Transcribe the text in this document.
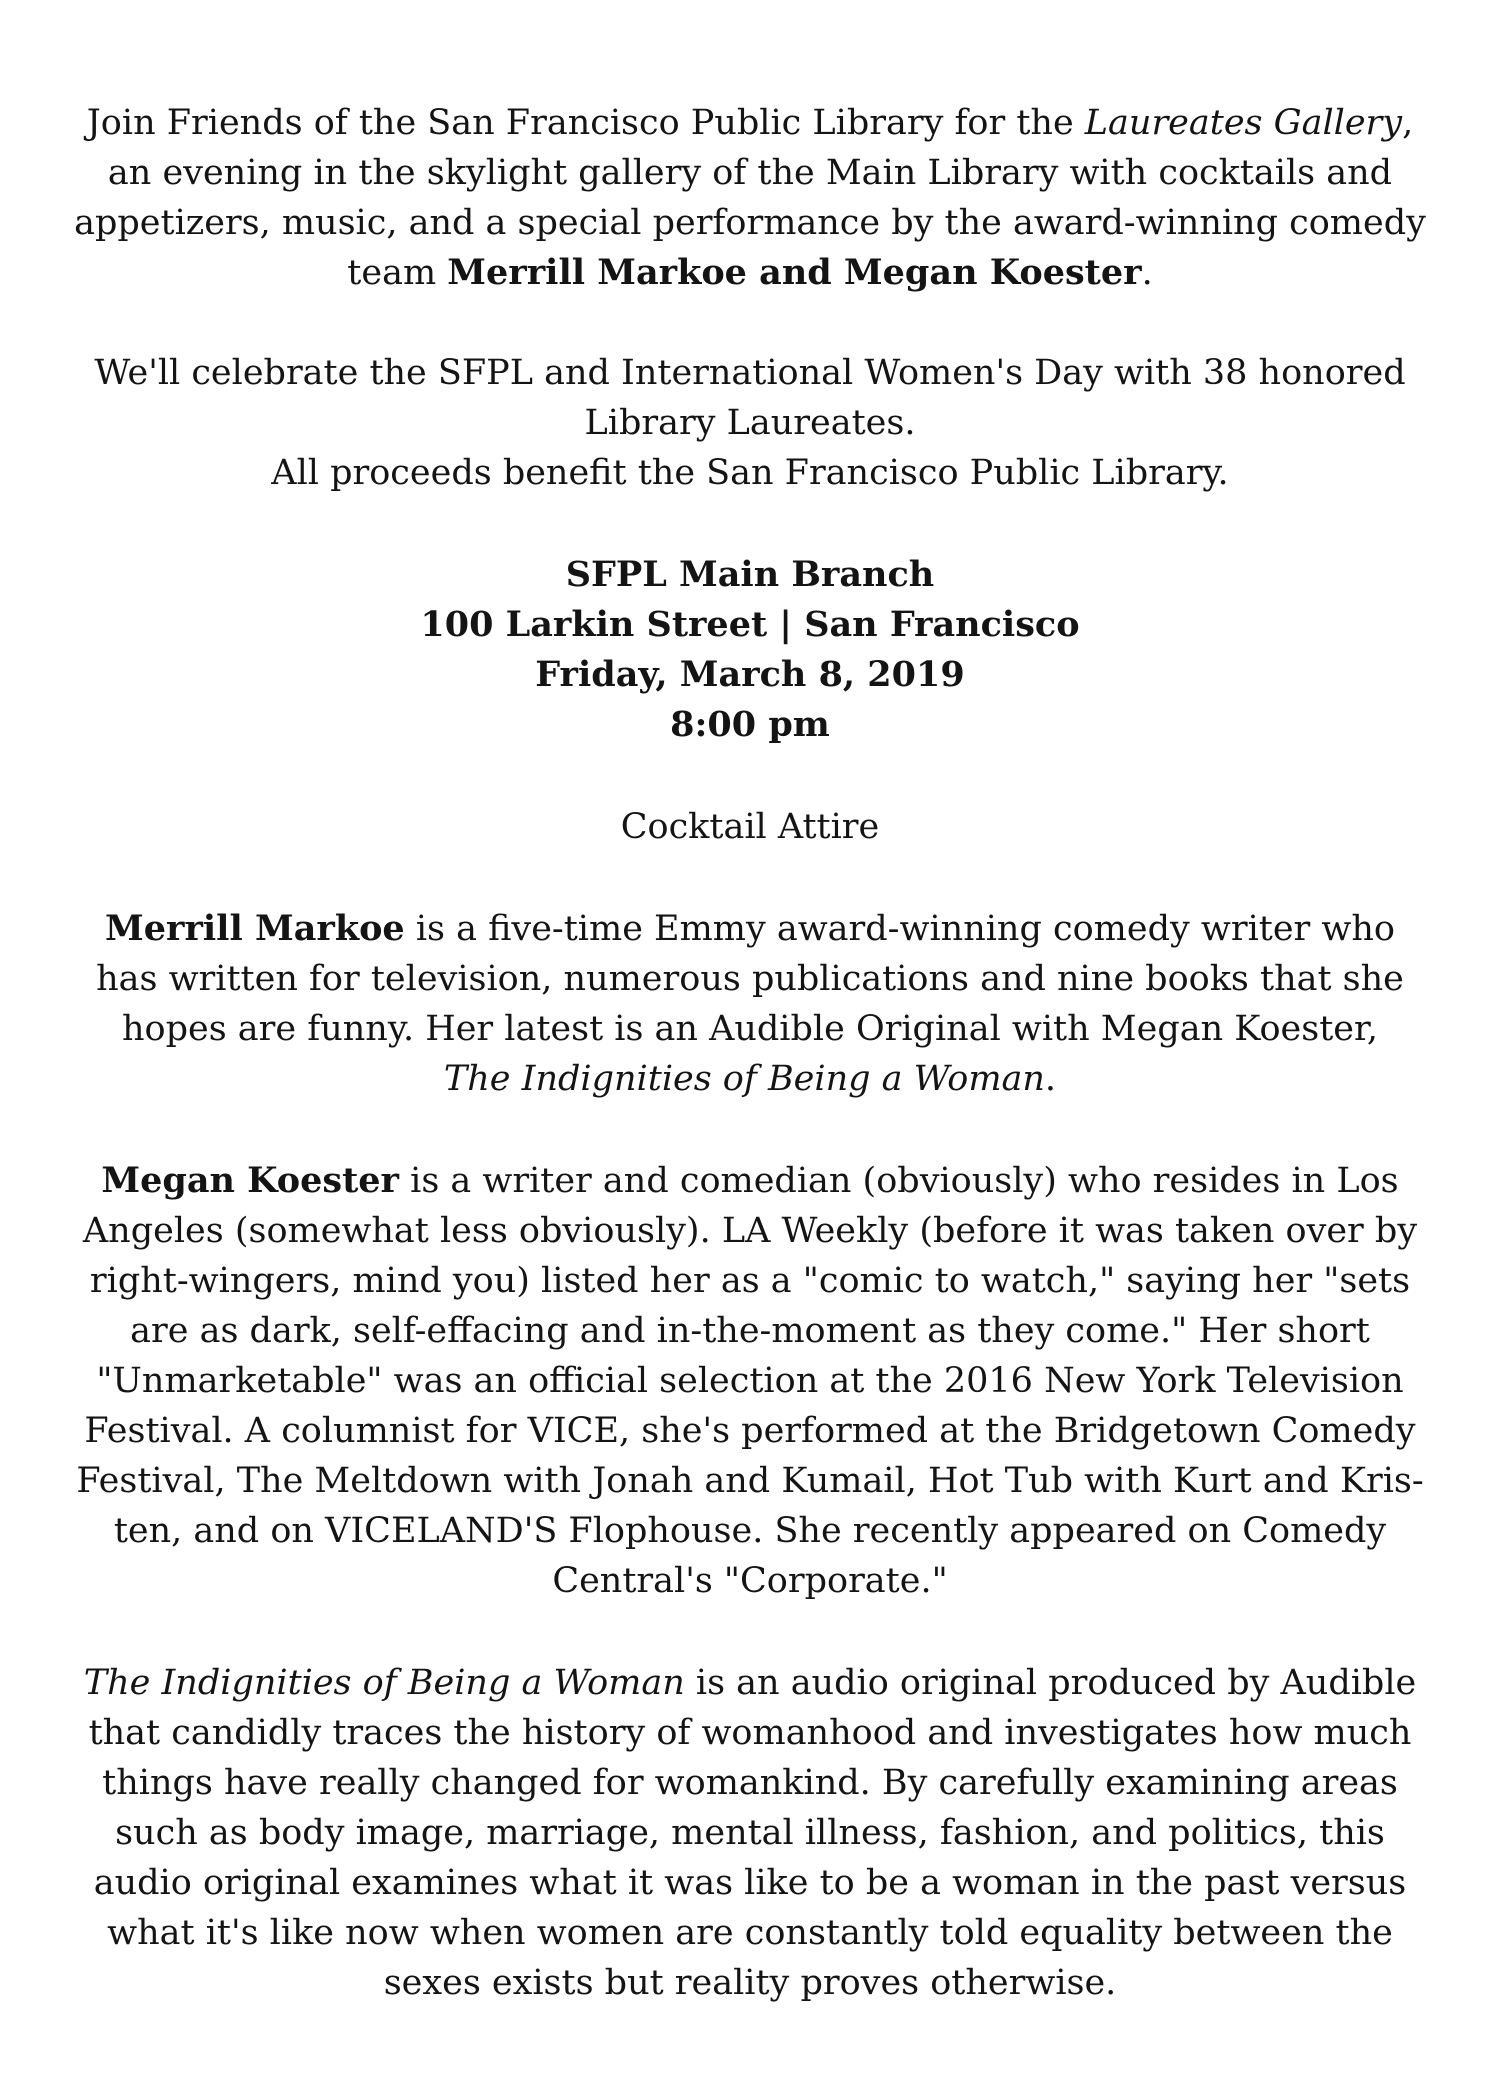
Join Friends of the San Francisco Public Library for the Laureates Gallery, an evening in the skylight gallery of the Main Library with cocktails and appetizers, music, and a special performance by the award-winning comedy team Merrill Markoe and Megan Koester.

We'll celebrate the SFPL and International Women's Day with 38 honored Library Laureates.
All proceeds benefit the San Francisco Public Library.
SFPL Main Branch
100 Larkin Street | San Francisco
Friday, March 8, 2019
8:00 pm

Cocktail Attire

Merrill Markoe is a five-time Emmy award-winning comedy writer who has written for television, numerous publications and nine books that she hopes are funny. Her latest is an Audible Original with Megan Koester,
The Indignities of Being a Woman.

Megan Koester is a writer and comedian (obviously) who resides in Los Angeles (somewhat less obviously). LA Weekly (before it was taken over by right-wingers, mind you) listed her as a "comic to watch," saying her "sets are as dark, self-effacing and in-the-moment as they come." Her short "Unmarketable" was an official selection at the 2016 New York Television Festival. A columnist for VICE, she's performed at the Bridgetown Comedy Festival, The Meltdown with Jonah and Kumail, Hot Tub with Kurt and Kris- ten, and on VICELAND'S Flophouse. She recently appeared on Comedy Central's "Corporate."

The Indignities of Being a Woman is an audio original produced by Audible that candidly traces the history of womanhood and investigates how much things have really changed for womankind. By carefully examining areas such as body image, marriage, mental illness, fashion, and politics, this audio original examines what it was like to be a woman in the past versus what it's like now when women are constantly told equality between the sexes exists but reality proves otherwise.
